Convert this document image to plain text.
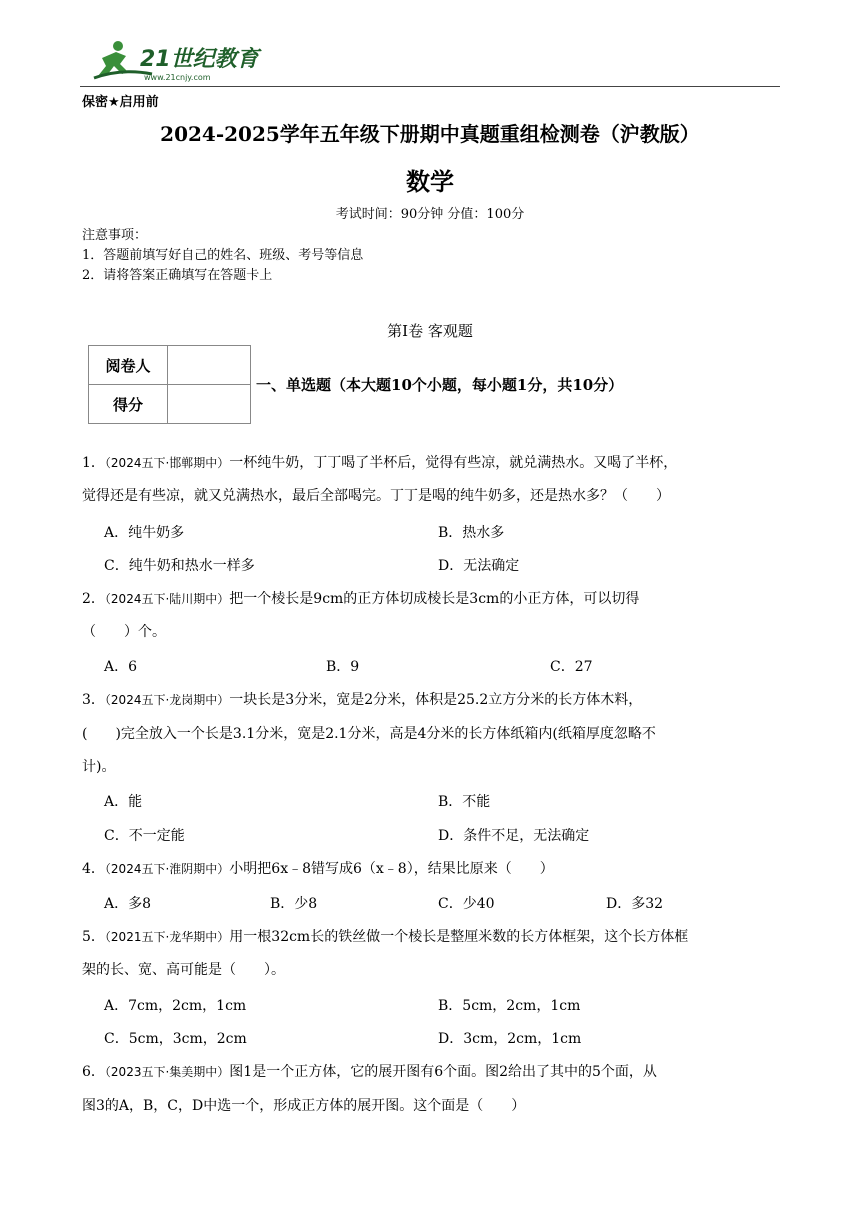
21世纪教育
www.21cnjy.com
保密★启用前
2024-2025学年五年级下册期中真题重组检测卷（沪教版）
数学
考试时间：90分钟 分值：100分
注意事项：
1．答题前填写好自己的姓名、班级、考号等信息
2．请将答案正确填写在答题卡上
第Ⅰ卷 客观题
阅卷人	
得分	
一、单选题（本大题10个小题，每小题1分，共10分）
1．（2024五下·邯郸期中）一杯纯牛奶，丁丁喝了半杯后，觉得有些凉，就兑满热水。又喝了半杯，
觉得还是有些凉，就又兑满热水，最后全部喝完。丁丁是喝的纯牛奶多，还是热水多？（　　）
A．纯牛奶多	B．热水多
C．纯牛奶和热水一样多	D．无法确定
2．（2024五下·陆川期中）把一个棱长是9cm的正方体切成棱长是3cm的小正方体，可以切得
（　　）个。
A．6	B．9	C．27
3．（2024五下·龙岗期中）一块长是3分米，宽是2分米，体积是25.2立方分米的长方体木料，
(　　)完全放入一个长是3.1分米，宽是2.1分米，高是4分米的长方体纸箱内(纸箱厚度忽略不
计)。
A．能	B．不能
C．不一定能	D．条件不足，无法确定
4．（2024五下·淮阴期中）小明把6x﹣8错写成6（x﹣8），结果比原来（　　）
A．多8	B．少8	C．少40	D．多32
5．（2021五下·龙华期中）用一根32cm长的铁丝做一个棱长是整厘米数的长方体框架，这个长方体框
架的长、宽、高可能是（　　）。
A．7cm，2cm，1cm	B．5cm，2cm，1cm
C．5cm，3cm，2cm	D．3cm，2cm，1cm
6．（2023五下·集美期中）图1是一个正方体，它的展开图有6个面。图2给出了其中的5个面，从
图3的A，B，C，D中选一个，形成正方体的展开图。这个面是（　　）
